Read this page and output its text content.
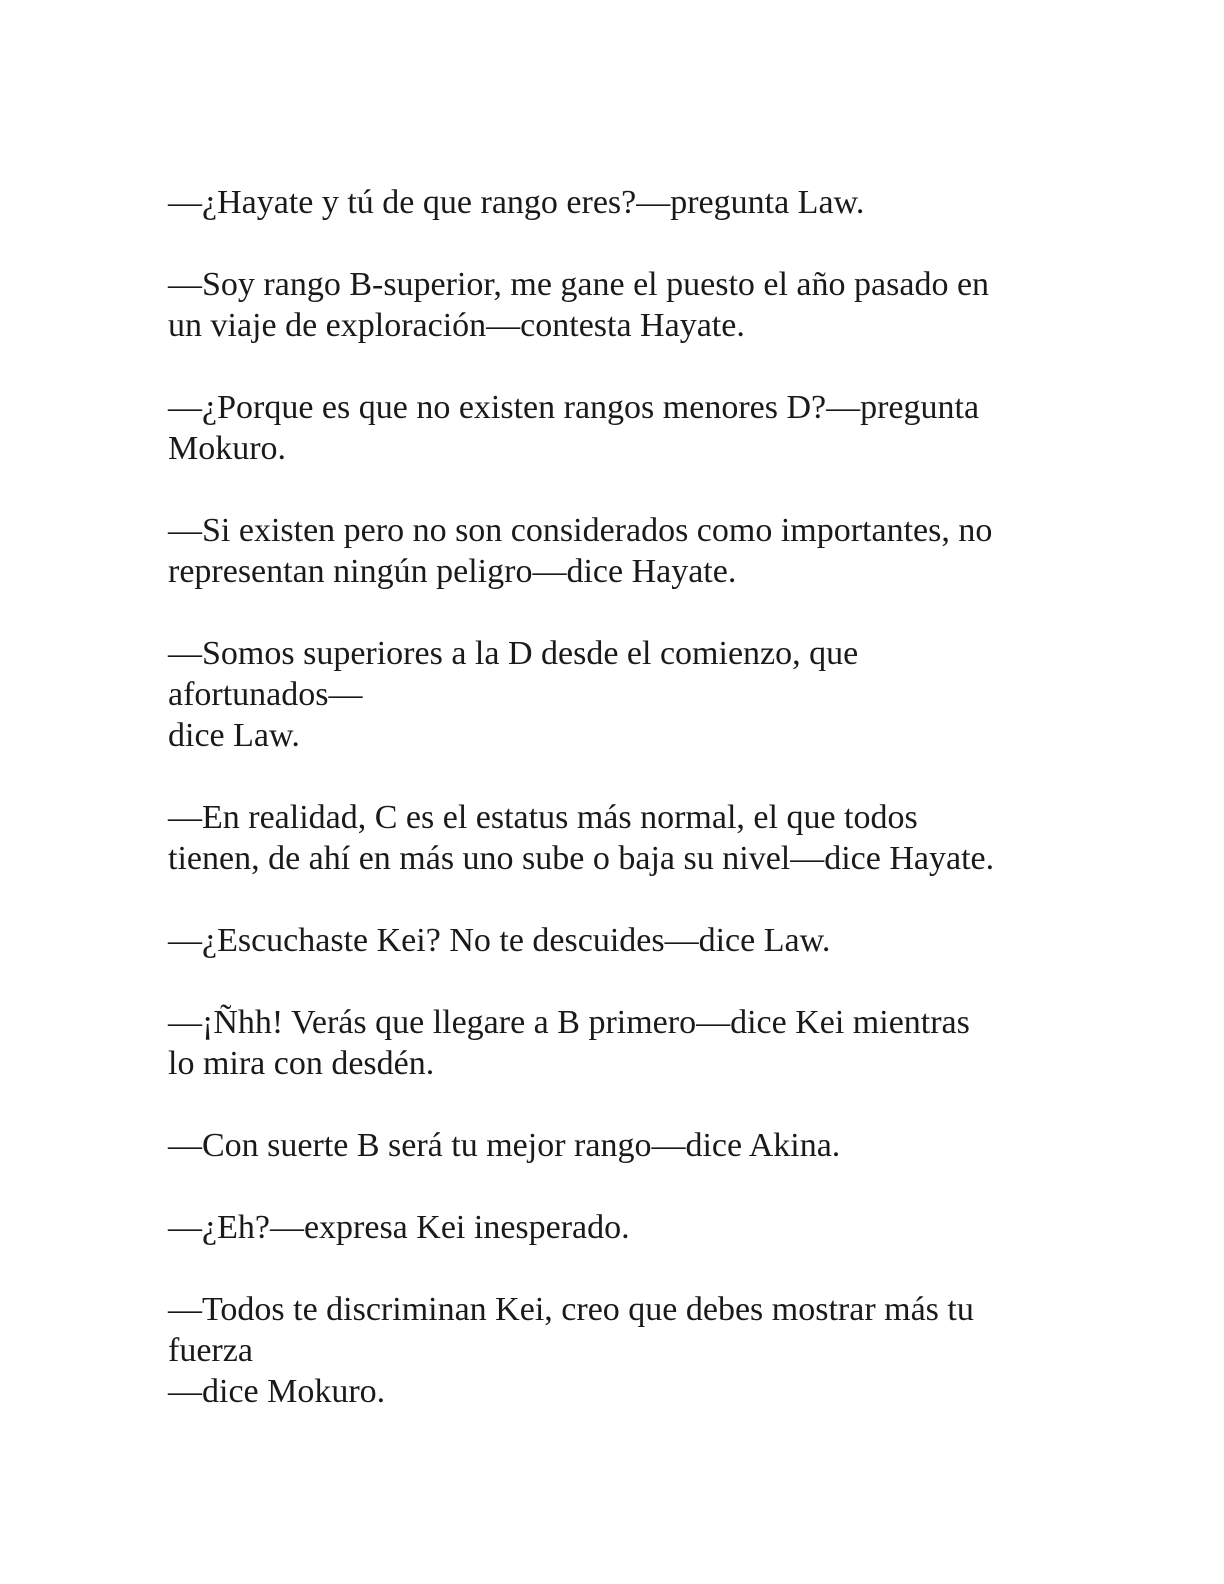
—¿Hayate y tú de que rango eres?—pregunta Law.

—Soy rango B-superior, me gane el puesto el año pasado en
un viaje de exploración—contesta Hayate.

—¿Porque es que no existen rangos menores D?—pregunta
Mokuro.

—Si existen pero no son considerados como importantes, no
representan ningún peligro—dice Hayate.

—Somos superiores a la D desde el comienzo, que
afortunados—
dice Law.

—En realidad, C es el estatus más normal, el que todos
tienen, de ahí en más uno sube o baja su nivel—dice Hayate.

—¿Escuchaste Kei? No te descuides—dice Law.

—¡Ñhh! Verás que llegare a B primero—dice Kei mientras
lo mira con desdén.

—Con suerte B será tu mejor rango—dice Akina.

—¿Eh?—expresa Kei inesperado.

—Todos te discriminan Kei, creo que debes mostrar más tu
fuerza
—dice Mokuro.
